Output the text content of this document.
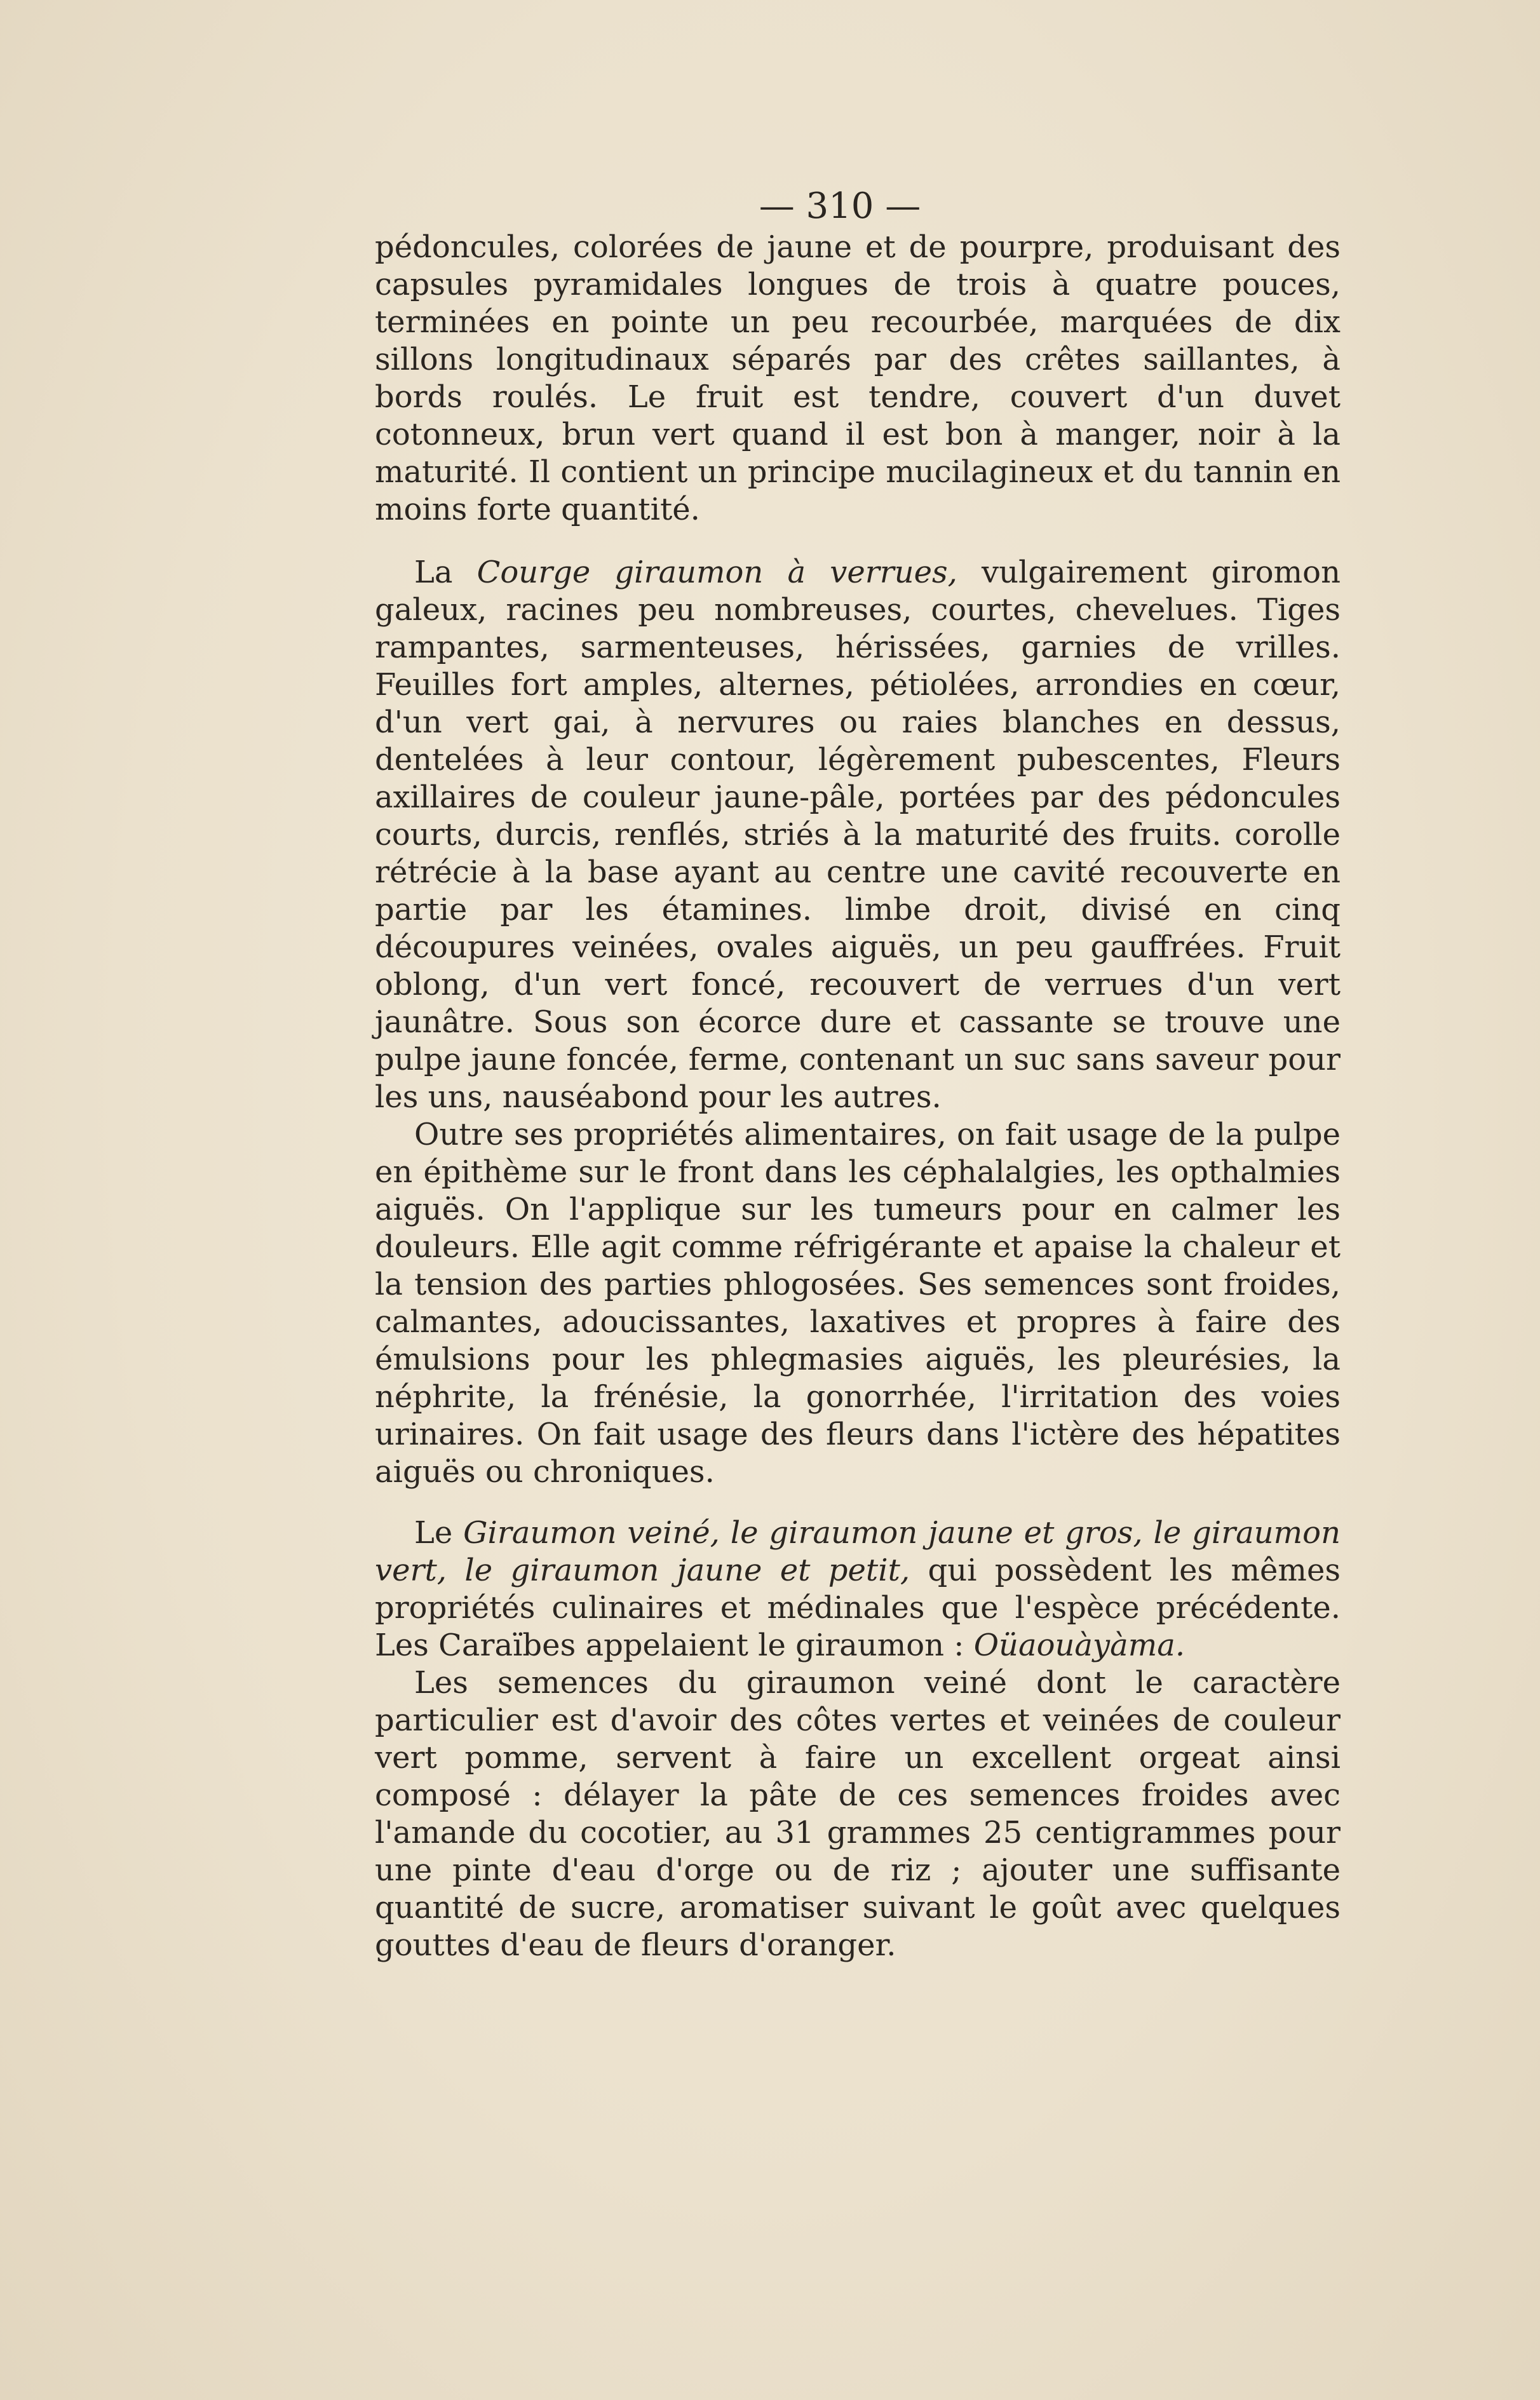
— 310 —

pédoncules, colorées de jaune et de pourpre, produisant des capsules pyramidales longues de trois à quatre pouces, terminées en pointe un peu recourbée, marquées de dix sillons longitudinaux séparés par des crêtes saillantes, à bords roulés. Le fruit est tendre, couvert d'un duvet cotonneux, brun vert quand il est bon à manger, noir à la maturité. Il contient un principe mucilagineux et du tannin en moins forte quantité.

La Courge giraumon à verrues, vulgairement giromon galeux, racines peu nombreuses, courtes, chevelues. Tiges rampantes, sarmenteuses, hérissées, garnies de vrilles. Feuilles fort amples, alternes, pétiolées, arrondies en cœur, d'un vert gai, à nervures ou raies blanches en dessus, dentelées à leur contour, légèrement pubescentes, Fleurs axillaires de couleur jaune-pâle, portées par des pédoncules courts, durcis, renflés, striés à la maturité des fruits. corolle rétrécie à la base ayant au centre une cavité recouverte en partie par les étamines. limbe droit, divisé en cinq découpures veinées, ovales aiguës, un peu gauffrées. Fruit oblong, d'un vert foncé, recouvert de verrues d'un vert jaunâtre. Sous son écorce dure et cassante se trouve une pulpe jaune foncée, ferme, contenant un suc sans saveur pour les uns, nauséabond pour les autres.

Outre ses propriétés alimentaires, on fait usage de la pulpe en épithème sur le front dans les céphalalgies, les opthalmies aiguës. On l'applique sur les tumeurs pour en calmer les douleurs. Elle agit comme réfrigérante et apaise la chaleur et la tension des parties phlogosées. Ses semences sont froides, calmantes, adoucissantes, laxatives et propres à faire des émulsions pour les phlegmasies aiguës, les pleurésies, la néphrite, la frénésie, la gonorrhée, l'irritation des voies urinaires. On fait usage des fleurs dans l'ictère des hépatites aiguës ou chroniques.

Le Giraumon veiné, le giraumon jaune et gros, le giraumon vert, le giraumon jaune et petit, qui possèdent les mêmes propriétés culinaires et médinales que l'espèce précédente. Les Caraïbes appelaient le giraumon : Oüaouàyàma.

Les semences du giraumon veiné dont le caractère particulier est d'avoir des côtes vertes et veinées de couleur vert pomme, servent à faire un excellent orgeat ainsi composé : délayer la pâte de ces semences froides avec l'amande du cocotier, au 31 grammes 25 centigrammes pour une pinte d'eau d'orge ou de riz ; ajouter une suffisante quantité de sucre, aromatiser suivant le goût avec quelques gouttes d'eau de fleurs d'oranger.
